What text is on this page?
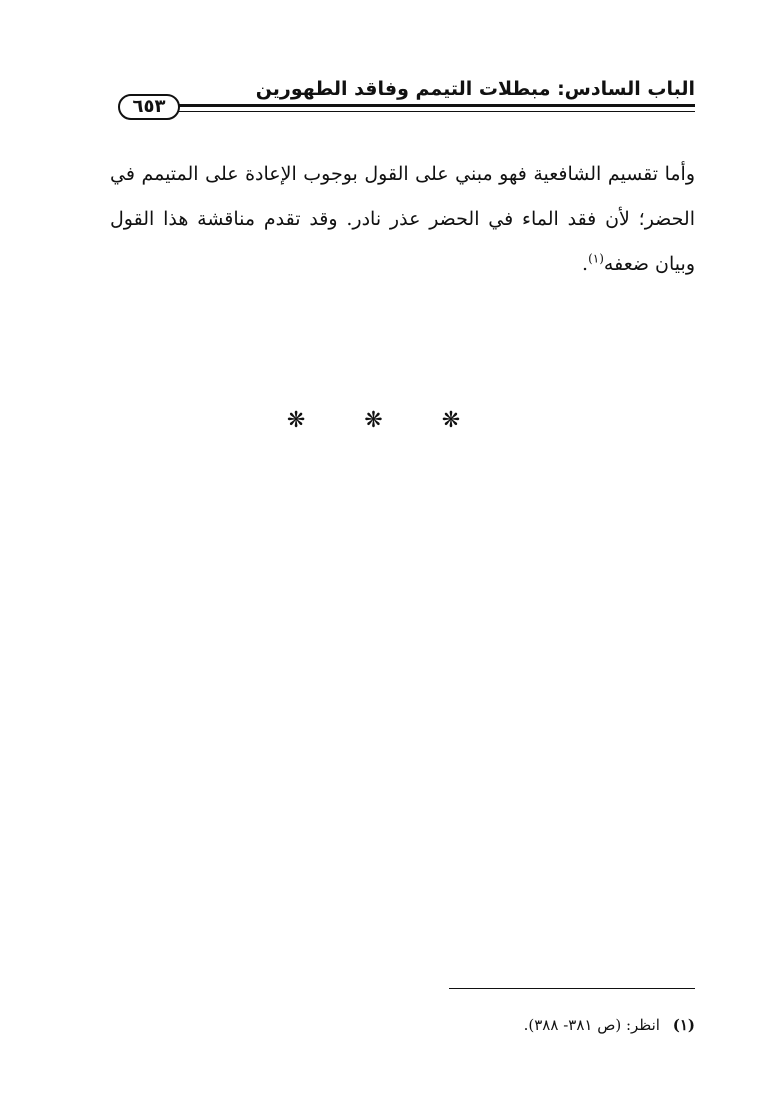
الباب السادس: مبطلات التيمم وفاقد الطهورين
٦٥٣

وأما تقسيم الشافعية فهو مبني على القول بوجوب الإعادة على المتيمم في الحضر؛ لأن فقد الماء في الحضر عذر نادر. وقد تقدم مناقشة هذا القول وبيان ضعفه$^{(١)}$.

❋ ❋ ❋
(١) انظر: (ص ٣٨١- ٣٨٨).
